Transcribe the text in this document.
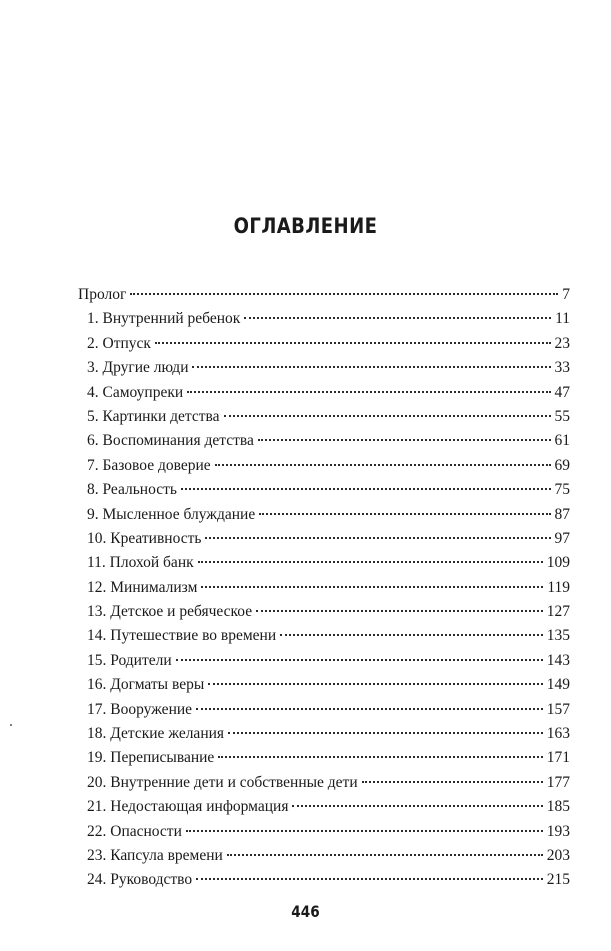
ОГЛАВЛЕНИЕ
Пролог	7
1. Внутренний ребенок	11
2. Отпуск	23
3. Другие люди	33
4. Самоупреки	47
5. Картинки детства	55
6. Воспоминания детства	61
7. Базовое доверие	69
8. Реальность	75
9. Мысленное блуждание	87
10. Креативность	97
11. Плохой банк	109
12. Минимализм	119
13. Детское и ребяческое	127
14. Путешествие во времени	135
15. Родители	143
16. Догматы веры	149
17. Вооружение	157
18. Детские желания	163
19. Переписывание	171
20. Внутренние дети и собственные дети	177
21. Недостающая информация	185
22. Опасности	193
23. Капсула времени	203
24. Руководство	215
446
